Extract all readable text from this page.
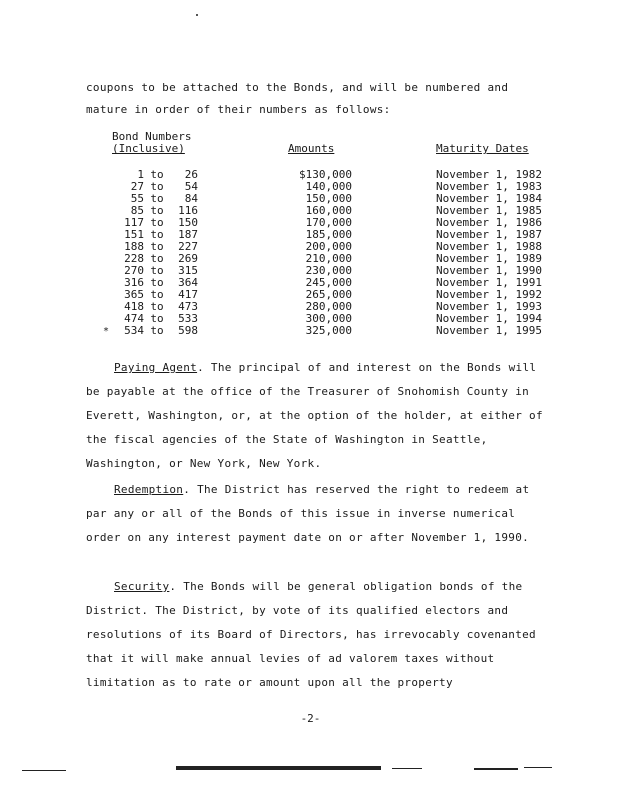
coupons to be attached to the Bonds, and will be numbered and
mature in order of their numbers as follows:
Bond Numbers
(Inclusive)	Amounts	Maturity Dates

1 to 26	$130,000	November 1, 1982
27 to 54	140,000	November 1, 1983
55 to 84	150,000	November 1, 1984
85 to 116	160,000	November 1, 1985
117 to 150	170,000	November 1, 1986
151 to 187	185,000	November 1, 1987
188 to 227	200,000	November 1, 1988
228 to 269	210,000	November 1, 1989
270 to 315	230,000	November 1, 1990
316 to 364	245,000	November 1, 1991
365 to 417	265,000	November 1, 1992
418 to 473	280,000	November 1, 1993
474 to 533	300,000	November 1, 1994
534 to 598	325,000	November 1, 1995
*
Paying Agent. The principal of and interest on the Bonds will be payable at the office of the Treasurer of Snohomish County in Everett, Washington, or, at the option of the holder, at either of the fiscal agencies of the State of Washington in Seattle, Washington, or New York, New York.
Redemption. The District has reserved the right to redeem at par any or all of the Bonds of this issue in inverse numerical order on any interest payment date on or after November 1, 1990.
Security. The Bonds will be general obligation bonds of the District. The District, by vote of its qualified electors and resolutions of its Board of Directors, has irrevocably covenanted that it will make annual levies of ad valorem taxes without limitation as to rate or amount upon all the property
-2-
